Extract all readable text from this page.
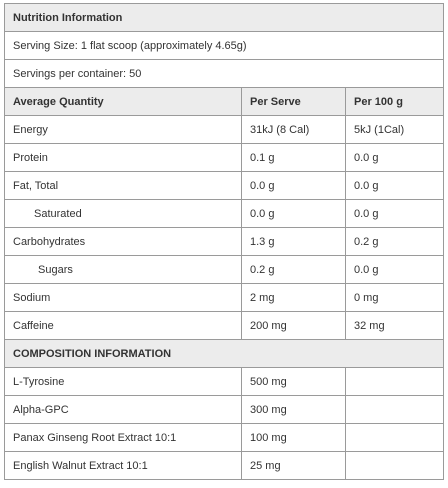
Nutrition Information		
Serving Size: 1 flat scoop (approximately 4.65g)		
Servings per container: 50		
Average Quantity	Per Serve	Per 100 g
Energy	31kJ (8 Cal)	5kJ (1Cal)
Protein	0.1 g	0.0 g
Fat, Total	0.0 g	0.0 g
Saturated	0.0 g	0.0 g
Carbohydrates	1.3 g	0.2 g
Sugars	0.2 g	0.0 g
Sodium	2 mg	0 mg
Caffeine	200 mg	32 mg
COMPOSITION INFORMATION		
L-Tyrosine	500 mg	
Alpha-GPC	300 mg	
Panax Ginseng Root Extract 10:1	100 mg	
English Walnut Extract 10:1	25 mg	
